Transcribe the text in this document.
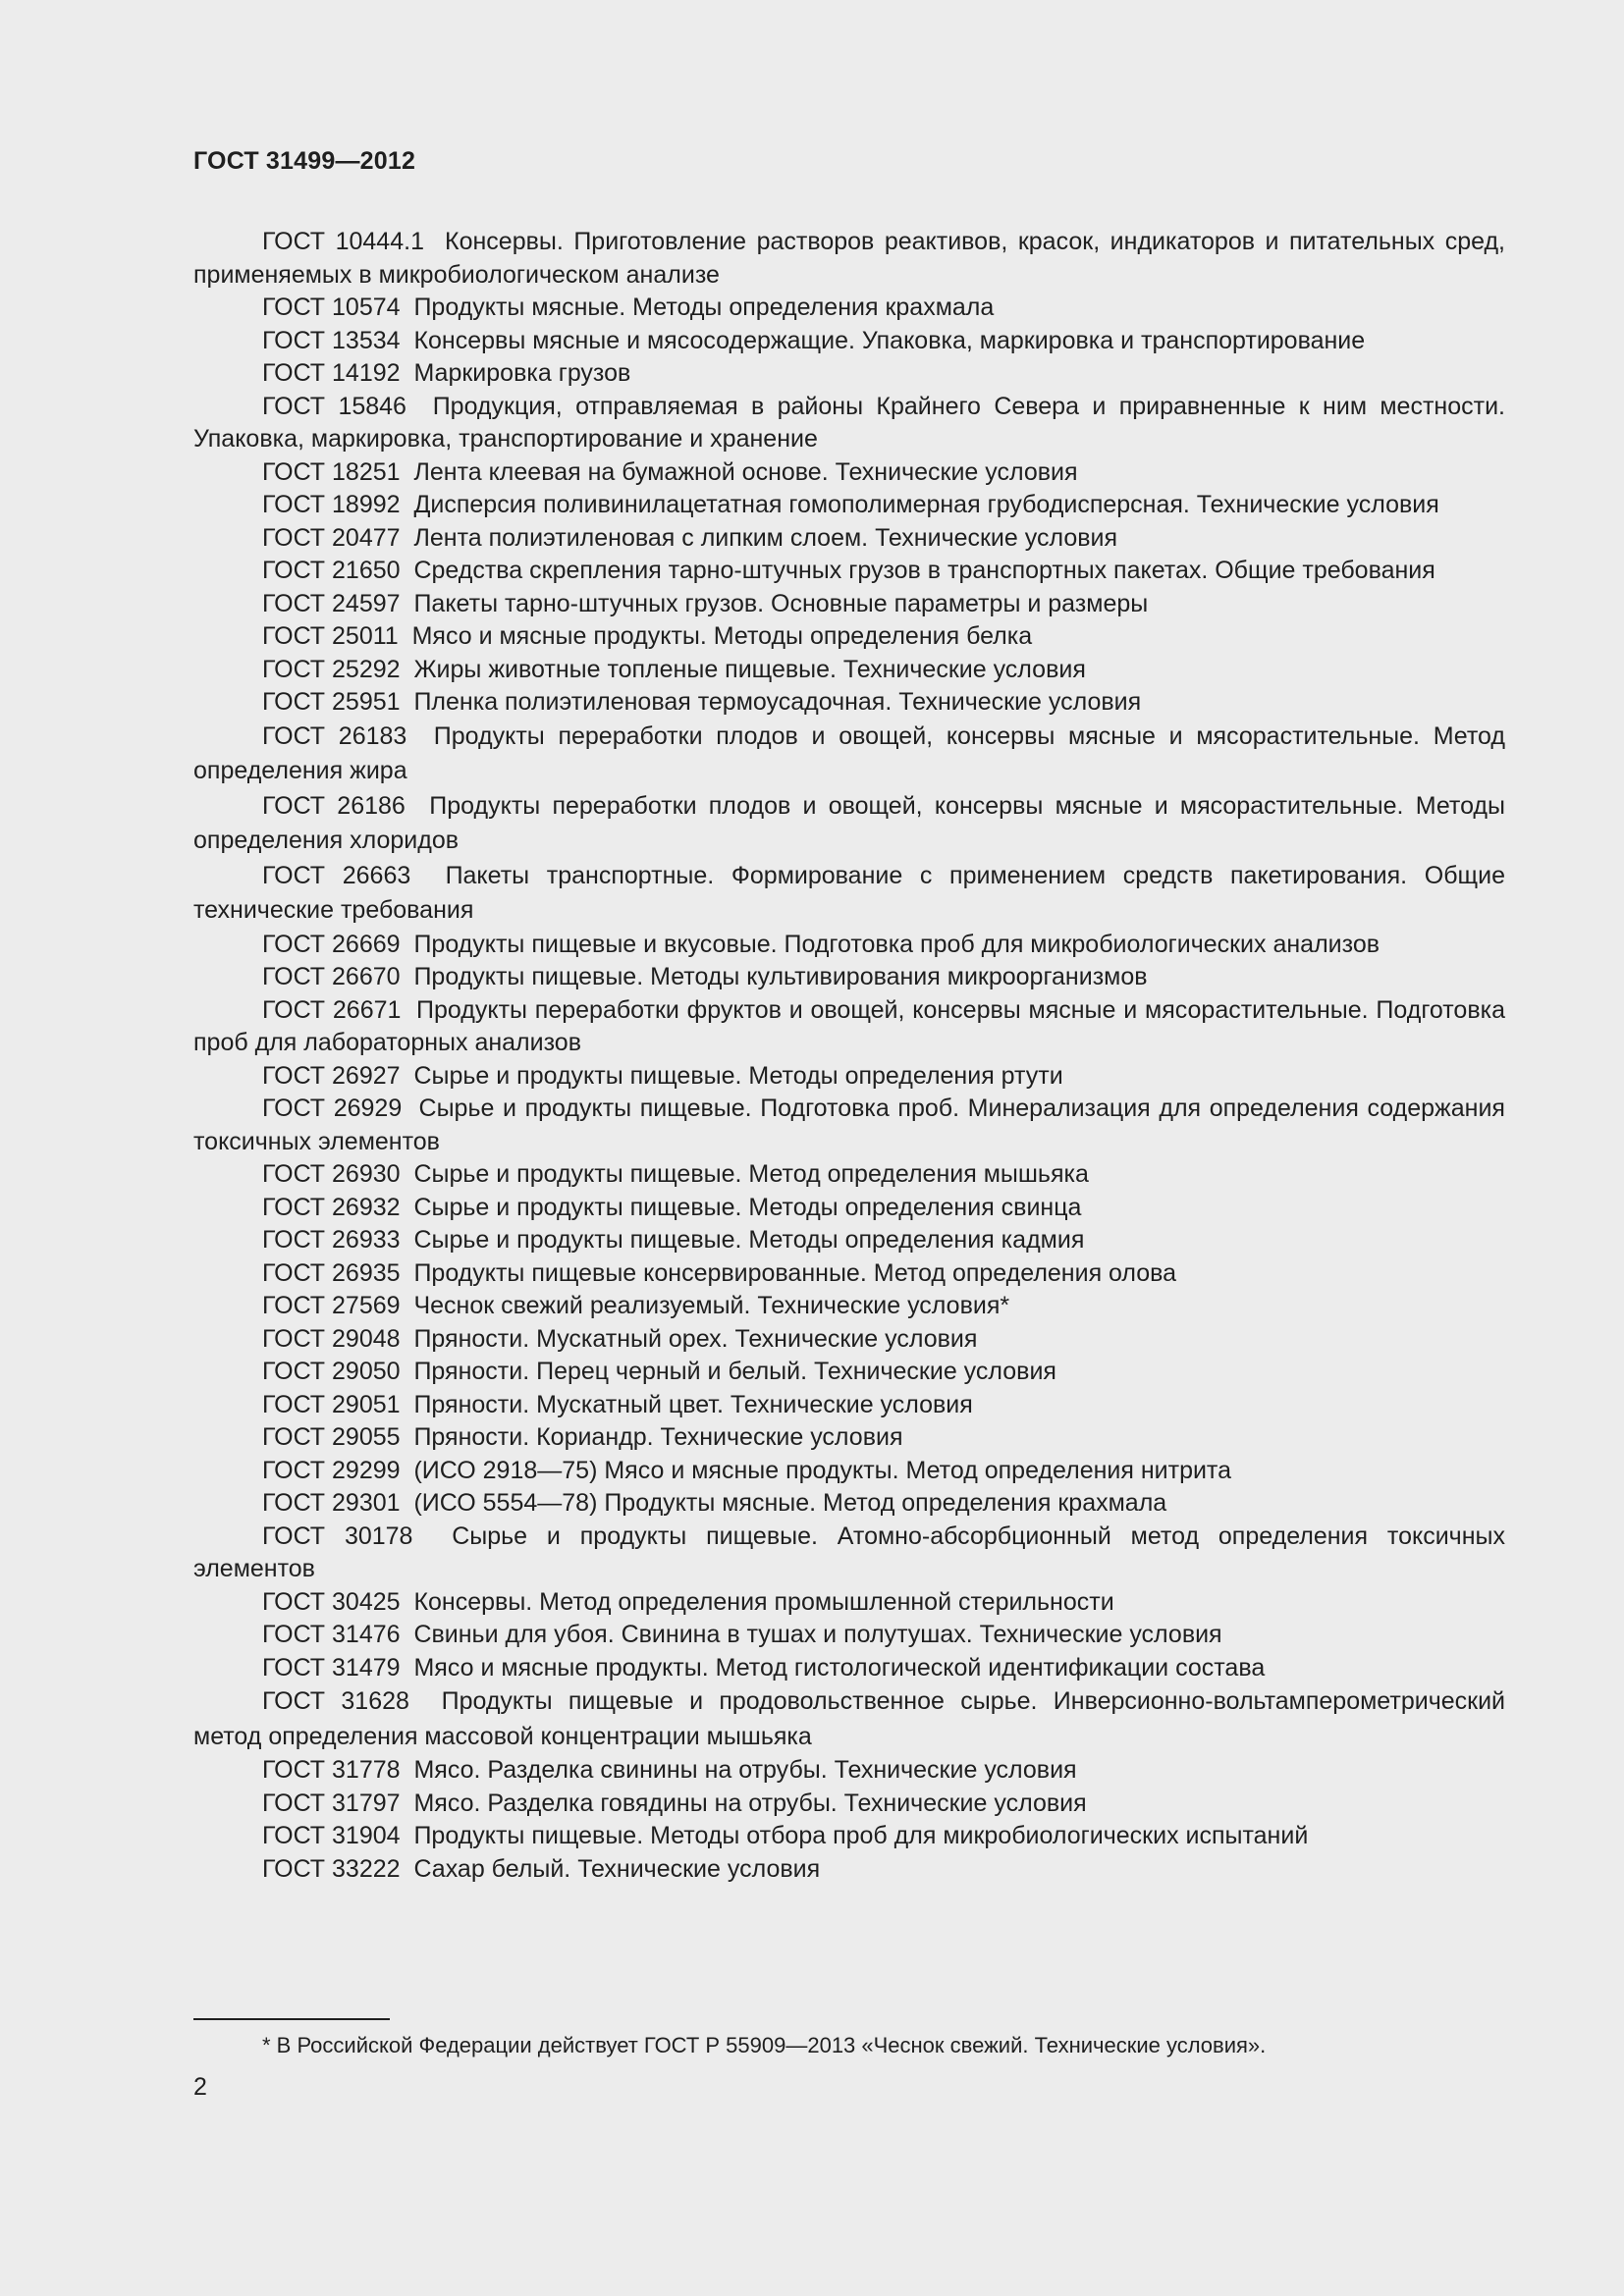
ГОСТ 31499—2012

ГОСТ 10444.1 Консервы. Приготовление растворов реактивов, красок, индикаторов и питательных сред, применяемых в микробиологическом анализе

ГОСТ 10574 Продукты мясные. Методы определения крахмала

ГОСТ 13534 Консервы мясные и мясосодержащие. Упаковка, маркировка и транспортирование

ГОСТ 14192 Маркировка грузов

ГОСТ 15846 Продукция, отправляемая в районы Крайнего Севера и приравненные к ним местности. Упаковка, маркировка, транспортирование и хранение

ГОСТ 18251 Лента клеевая на бумажной основе. Технические условия

ГОСТ 18992 Дисперсия поливинилацетатная гомополимерная грубодисперсная. Технические условия

ГОСТ 20477 Лента полиэтиленовая с липким слоем. Технические условия

ГОСТ 21650 Средства скрепления тарно-штучных грузов в транспортных пакетах. Общие требования

ГОСТ 24597 Пакеты тарно-штучных грузов. Основные параметры и размеры

ГОСТ 25011 Мясо и мясные продукты. Методы определения белка

ГОСТ 25292 Жиры животные топленые пищевые. Технические условия

ГОСТ 25951 Пленка полиэтиленовая термоусадочная. Технические условия

ГОСТ 26183 Продукты переработки плодов и овощей, консервы мясные и мясорастительные. Метод определения жира

ГОСТ 26186 Продукты переработки плодов и овощей, консервы мясные и мясорастительные. Методы определения хлоридов

ГОСТ 26663 Пакеты транспортные. Формирование с применением средств пакетирования. Общие технические требования

ГОСТ 26669 Продукты пищевые и вкусовые. Подготовка проб для микробиологических анализов

ГОСТ 26670 Продукты пищевые. Методы культивирования микроорганизмов

ГОСТ 26671 Продукты переработки фруктов и овощей, консервы мясные и мясорастительные. Подготовка проб для лабораторных анализов

ГОСТ 26927 Сырье и продукты пищевые. Методы определения ртути

ГОСТ 26929 Сырье и продукты пищевые. Подготовка проб. Минерализация для определения содержания токсичных элементов

ГОСТ 26930 Сырье и продукты пищевые. Метод определения мышьяка

ГОСТ 26932 Сырье и продукты пищевые. Методы определения свинца

ГОСТ 26933 Сырье и продукты пищевые. Методы определения кадмия

ГОСТ 26935 Продукты пищевые консервированные. Метод определения олова

ГОСТ 27569 Чеснок свежий реализуемый. Технические условия*

ГОСТ 29048 Пряности. Мускатный орех. Технические условия

ГОСТ 29050 Пряности. Перец черный и белый. Технические условия

ГОСТ 29051 Пряности. Мускатный цвет. Технические условия

ГОСТ 29055 Пряности. Кориандр. Технические условия

ГОСТ 29299 (ИСО 2918—75) Мясо и мясные продукты. Метод определения нитрита

ГОСТ 29301 (ИСО 5554—78) Продукты мясные. Метод определения крахмала

ГОСТ 30178 Сырье и продукты пищевые. Атомно-абсорбционный метод определения токсичных элементов

ГОСТ 30425 Консервы. Метод определения промышленной стерильности

ГОСТ 31476 Свиньи для убоя. Свинина в тушах и полутушах. Технические условия

ГОСТ 31479 Мясо и мясные продукты. Метод гистологической идентификации состава

ГОСТ 31628 Продукты пищевые и продовольственное сырье. Инверсионно-вольтамперометрический метод определения массовой концентрации мышьяка

ГОСТ 31778 Мясо. Разделка свинины на отрубы. Технические условия

ГОСТ 31797 Мясо. Разделка говядины на отрубы. Технические условия

ГОСТ 31904 Продукты пищевые. Методы отбора проб для микробиологических испытаний

ГОСТ 33222 Сахар белый. Технические условия

* В Российской Федерации действует ГОСТ Р 55909—2013 «Чеснок свежий. Технические условия».
2
